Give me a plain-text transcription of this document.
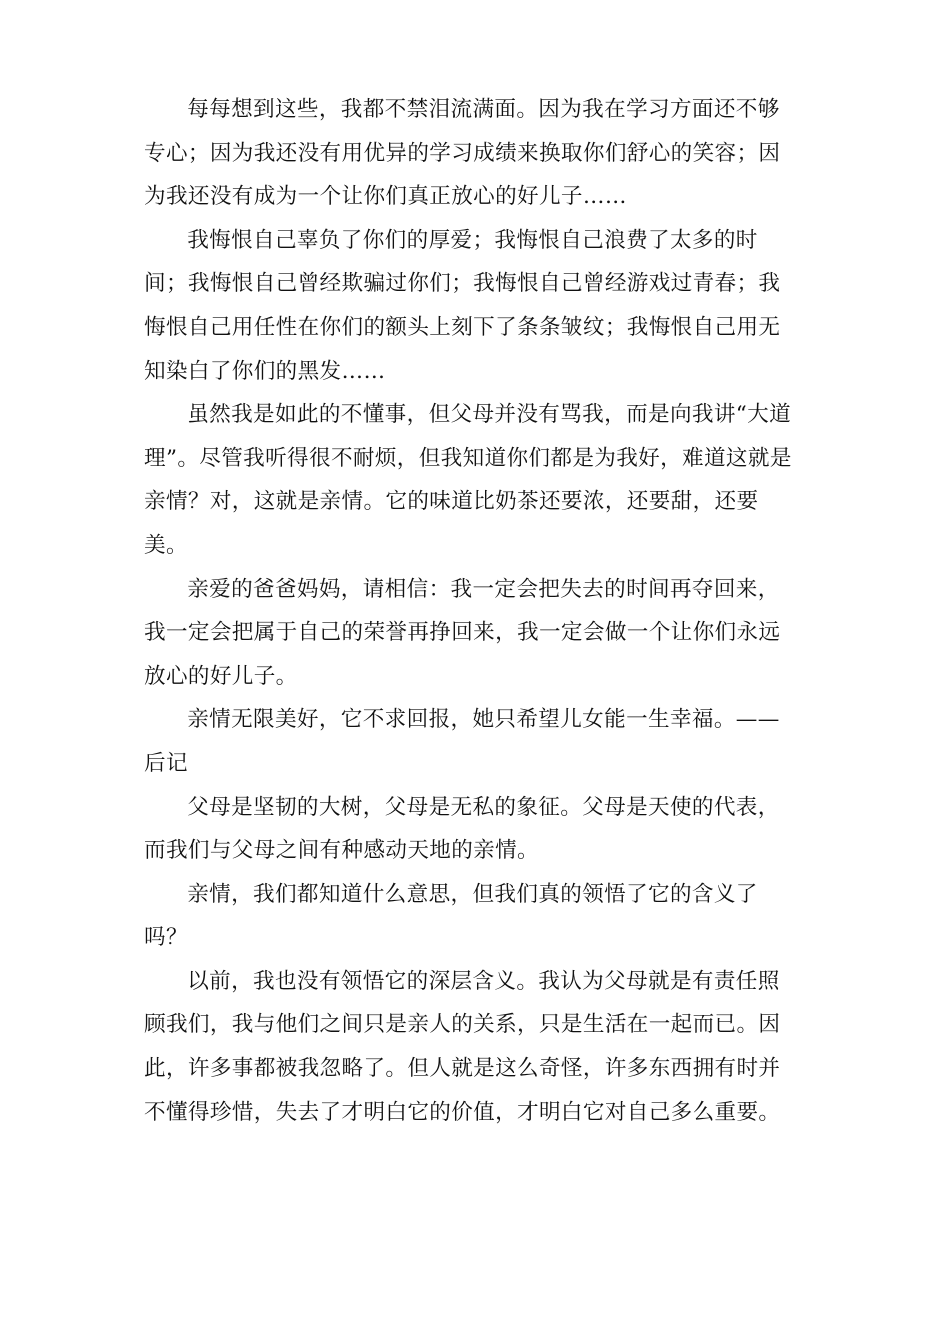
每每想到这些，我都不禁泪流满面。因为我在学习方面还不够专心；因为我还没有用优异的学习成绩来换取你们舒心的笑容；因为我还没有成为一个让你们真正放心的好儿子……

我悔恨自己辜负了你们的厚爱；我悔恨自己浪费了太多的时间；我悔恨自己曾经欺骗过你们；我悔恨自己曾经游戏过青春；我悔恨自己用任性在你们的额头上刻下了条条皱纹；我悔恨自己用无知染白了你们的黑发……

虽然我是如此的不懂事，但父母并没有骂我，而是向我讲“大道理”。尽管我听得很不耐烦，但我知道你们都是为我好，难道这就是亲情？对，这就是亲情。它的味道比奶茶还要浓，还要甜，还要美。

亲爱的爸爸妈妈，请相信：我一定会把失去的时间再夺回来，我一定会把属于自己的荣誉再挣回来，我一定会做一个让你们永远放心的好儿子。

亲情无限美好，它不求回报，她只希望儿女能一生幸福。——后记

父母是坚韧的大树，父母是无私的象征。父母是天使的代表，而我们与父母之间有种感动天地的亲情。

亲情，我们都知道什么意思，但我们真的领悟了它的含义了吗？

以前，我也没有领悟它的深层含义。我认为父母就是有责任照顾我们，我与他们之间只是亲人的关系，只是生活在一起而已。因此，许多事都被我忽略了。但人就是这么奇怪，许多东西拥有时并不懂得珍惜，失去了才明白它的价值，才明白它对自己多么重要。
